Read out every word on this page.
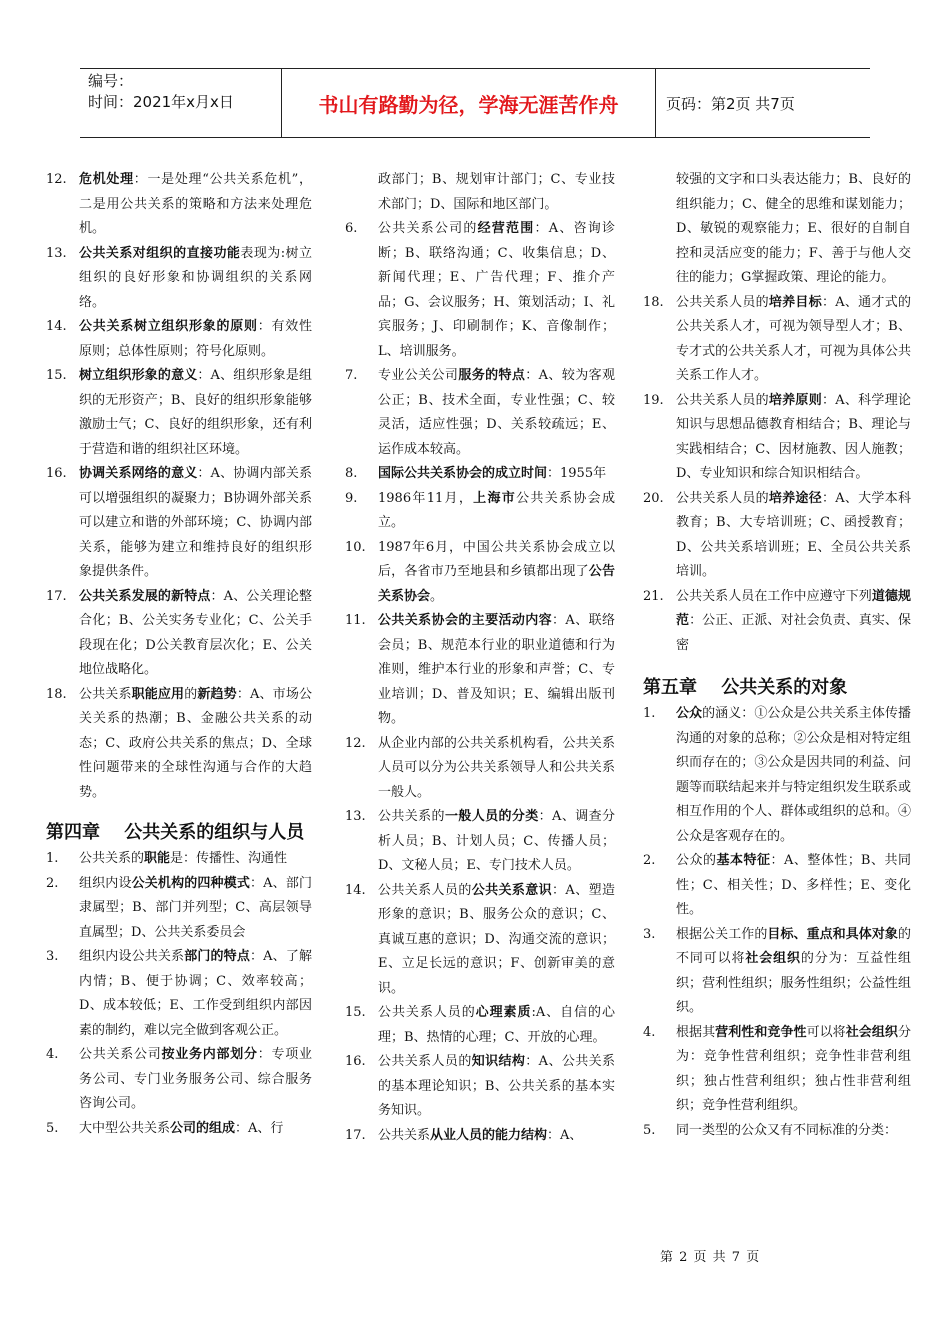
编号：
时间：2021年x月x日	书山有路勤为径，学海无涯苦作舟	页码：第2页 共7页
12. 危机处理：一是处理“公共关系危机”，二是用公共关系的策略和方法来处理危机。
13. 公共关系对组织的直接功能表现为:树立组织的良好形象和协调组织的关系网络。
14. 公共关系树立组织形象的原则：有效性原则；总体性原则；符号化原则。
15. 树立组织形象的意义：A、组织形象是组织的无形资产；B、良好的组织形象能够激励士气；C、良好的组织形象，还有利于营造和谐的组织社区环境。
16. 协调关系网络的意义：A、协调内部关系可以增强组织的凝聚力；B协调外部关系可以建立和谐的外部环境；C、协调内部关系，能够为建立和维持良好的组织形象提供条件。
17. 公共关系发展的新特点：A、公关理论整合化；B、公关实务专业化；C、公关手段现在化；D公关教育层次化；E、公关地位战略化。
18. 公共关系职能应用的新趋势：A、市场公关关系的热潮；B、金融公共关系的动态；C、政府公共关系的焦点；D、全球性问题带来的全球性沟通与合作的大趋势。
第四章　 公共关系的组织与人员
1.	公共关系的职能是：传播性、沟通性
2.	组织内设公关机构的四种模式：A、部门隶属型；B、部门并列型；C、高层领导直属型；D、公共关系委员会
3.	组织内设公共关系部门的特点：A、了解内情；B、便于协调；C、效率较高；D、成本较低；E、工作受到组织内部因素的制约，难以完全做到客观公正。
4.	公共关系公司按业务内部划分：专项业务公司、专门业务服务公司、综合服务咨询公司。
5.	大中型公共关系公司的组成：A、行
政部门；B、规划审计部门；C、专业技术部门；D、国际和地区部门。
6.	公共关系公司的经营范围：A、咨询诊断；B、联络沟通；C、收集信息；D、新闻代理；E、广告代理；F、推介产品；G、会议服务；H、策划活动；I、礼宾服务；J、印刷制作；K、音像制作；L、培训服务。
7.	专业公关公司服务的特点：A、较为客观公正；B、技术全面，专业性强；C、较灵活，适应性强；D、关系较疏远；E、运作成本较高。
8.	国际公共关系协会的成立时间：1955年
9.	1986年11月，上海市公共关系协会成立。
10. 1987年6月，中国公共关系协会成立以后，各省市乃至地县和乡镇都出现了公告关系协会。
11. 公共关系协会的主要活动内容：A、联络会员；B、规范本行业的职业道德和行为准则，维护本行业的形象和声誉；C、专业培训；D、普及知识；E、编辑出版刊物。
12. 从企业内部的公共关系机构看，公共关系人员可以分为公共关系领导人和公共关系一般人。
13. 公共关系的一般人员的分类：A、调查分析人员；B、计划人员；C、传播人员；D、文秘人员；E、专门技术人员。
14. 公共关系人员的公共关系意识：A、塑造形象的意识；B、服务公众的意识；C、真诚互惠的意识；D、沟通交流的意识；E、立足长远的意识；F、创新审美的意识。
15. 公共关系人员的心理素质:A、自信的心理；B、热情的心理；C、开放的心理。
16. 公共关系人员的知识结构：A、公共关系的基本理论知识；B、公共关系的基本实务知识。
17. 公共关系从业人员的能力结构：A、
较强的文字和口头表达能力；B、良好的组织能力；C、健全的思维和谋划能力；D、敏锐的观察能力；E、很好的自制自控和灵活应变的能力；F、善于与他人交往的能力；G掌握政策、理论的能力。
18. 公共关系人员的培养目标：A、通才式的公共关系人才，可视为领导型人才；B、专才式的公共关系人才，可视为具体公共关系工作人才。
19. 公共关系人员的培养原则：A、科学理论知识与思想品德教育相结合；B、理论与实践相结合；C、因材施教、因人施教；D、专业知识和综合知识相结合。
20. 公共关系人员的培养途径：A、大学本科教育；B、大专培训班；C、函授教育；D、公共关系培训班；E、全员公共关系培训。
21. 公共关系人员在工作中应遵守下列道德规范：公正、正派、对社会负责、真实、保密
第五章　 公共关系的对象
1.	公众的涵义：①公众是公共关系主体传播沟通的对象的总称；②公众是相对特定组织而存在的；③公众是因共同的利益、问题等而联结起来并与特定组织发生联系或相互作用的个人、群体或组织的总和。④公众是客观存在的。
2.	公众的基本特征：A、整体性；B、共同性；C、相关性；D、多样性；E、变化性。
3.	根据公关工作的目标、重点和具体对象的不同可以将社会组织的分为：互益性组织；营利性组织；服务性组织；公益性组织。
4.	根据其营利性和竞争性可以将社会组织分为：竞争性营利组织；竞争性非营利组织；独占性营利组织；独占性非营利组织；竞争性营利组织。
5.	同一类型的公众又有不同标准的分类：
第 2 页 共 7 页
